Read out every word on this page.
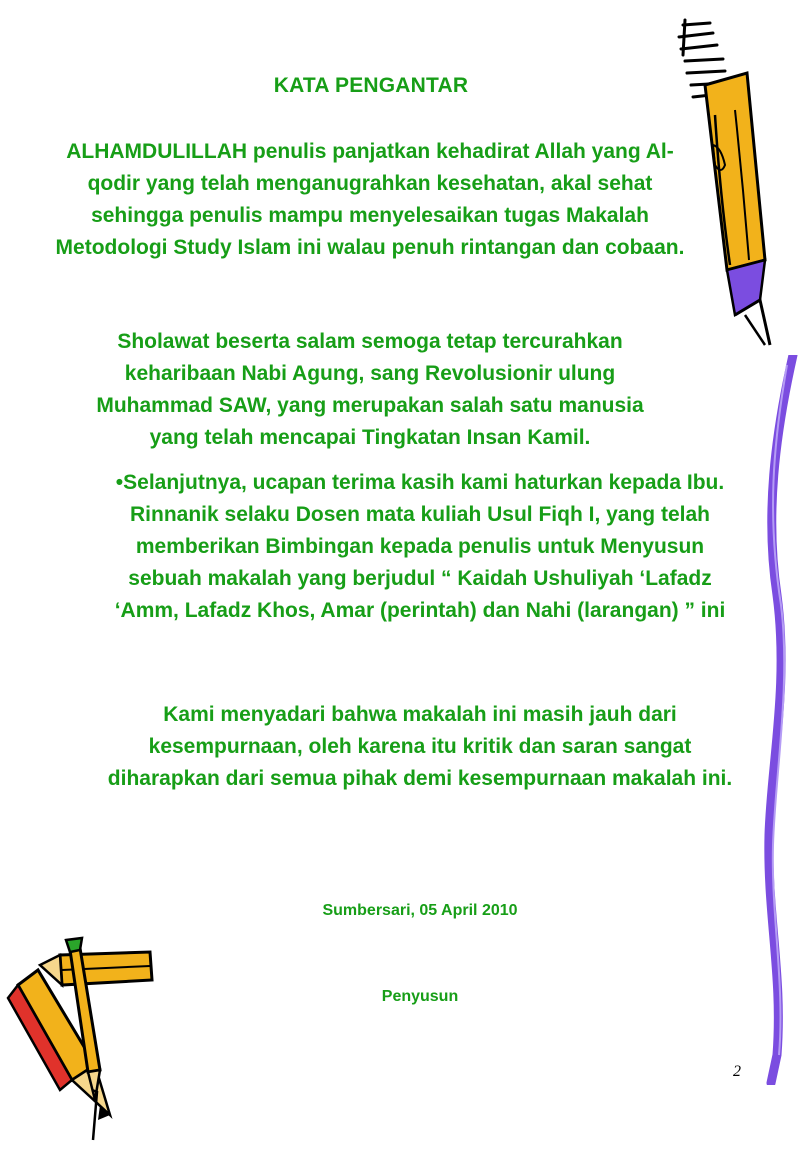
KATA PENGANTAR

ALHAMDULILLAH penulis panjatkan kehadirat Allah yang Al-qodir yang telah menganugrahkan kesehatan, akal sehat sehingga penulis mampu menyelesaikan tugas Makalah Metodologi Study Islam ini walau penuh rintangan dan cobaan.

Sholawat beserta salam semoga tetap tercurahkan keharibaan Nabi Agung, sang Revolusionir ulung Muhammad SAW, yang merupakan salah satu manusia yang telah mencapai Tingkatan Insan Kamil.

•Selanjutnya, ucapan terima kasih kami haturkan kepada Ibu. Rinnanik selaku Dosen mata kuliah Usul Fiqh I, yang telah memberikan Bimbingan kepada penulis untuk Menyusun sebuah makalah yang berjudul “ Kaidah Ushuliyah ‘Lafadz ‘Amm, Lafadz Khos, Amar (perintah) dan Nahi (larangan) ” ini

Kami menyadari bahwa makalah ini masih jauh dari kesempurnaan, oleh karena itu kritik dan saran sangat diharapkan dari semua pihak demi kesempurnaan makalah ini.

Sumbersari, 05 April 2010
Penyusun
2
